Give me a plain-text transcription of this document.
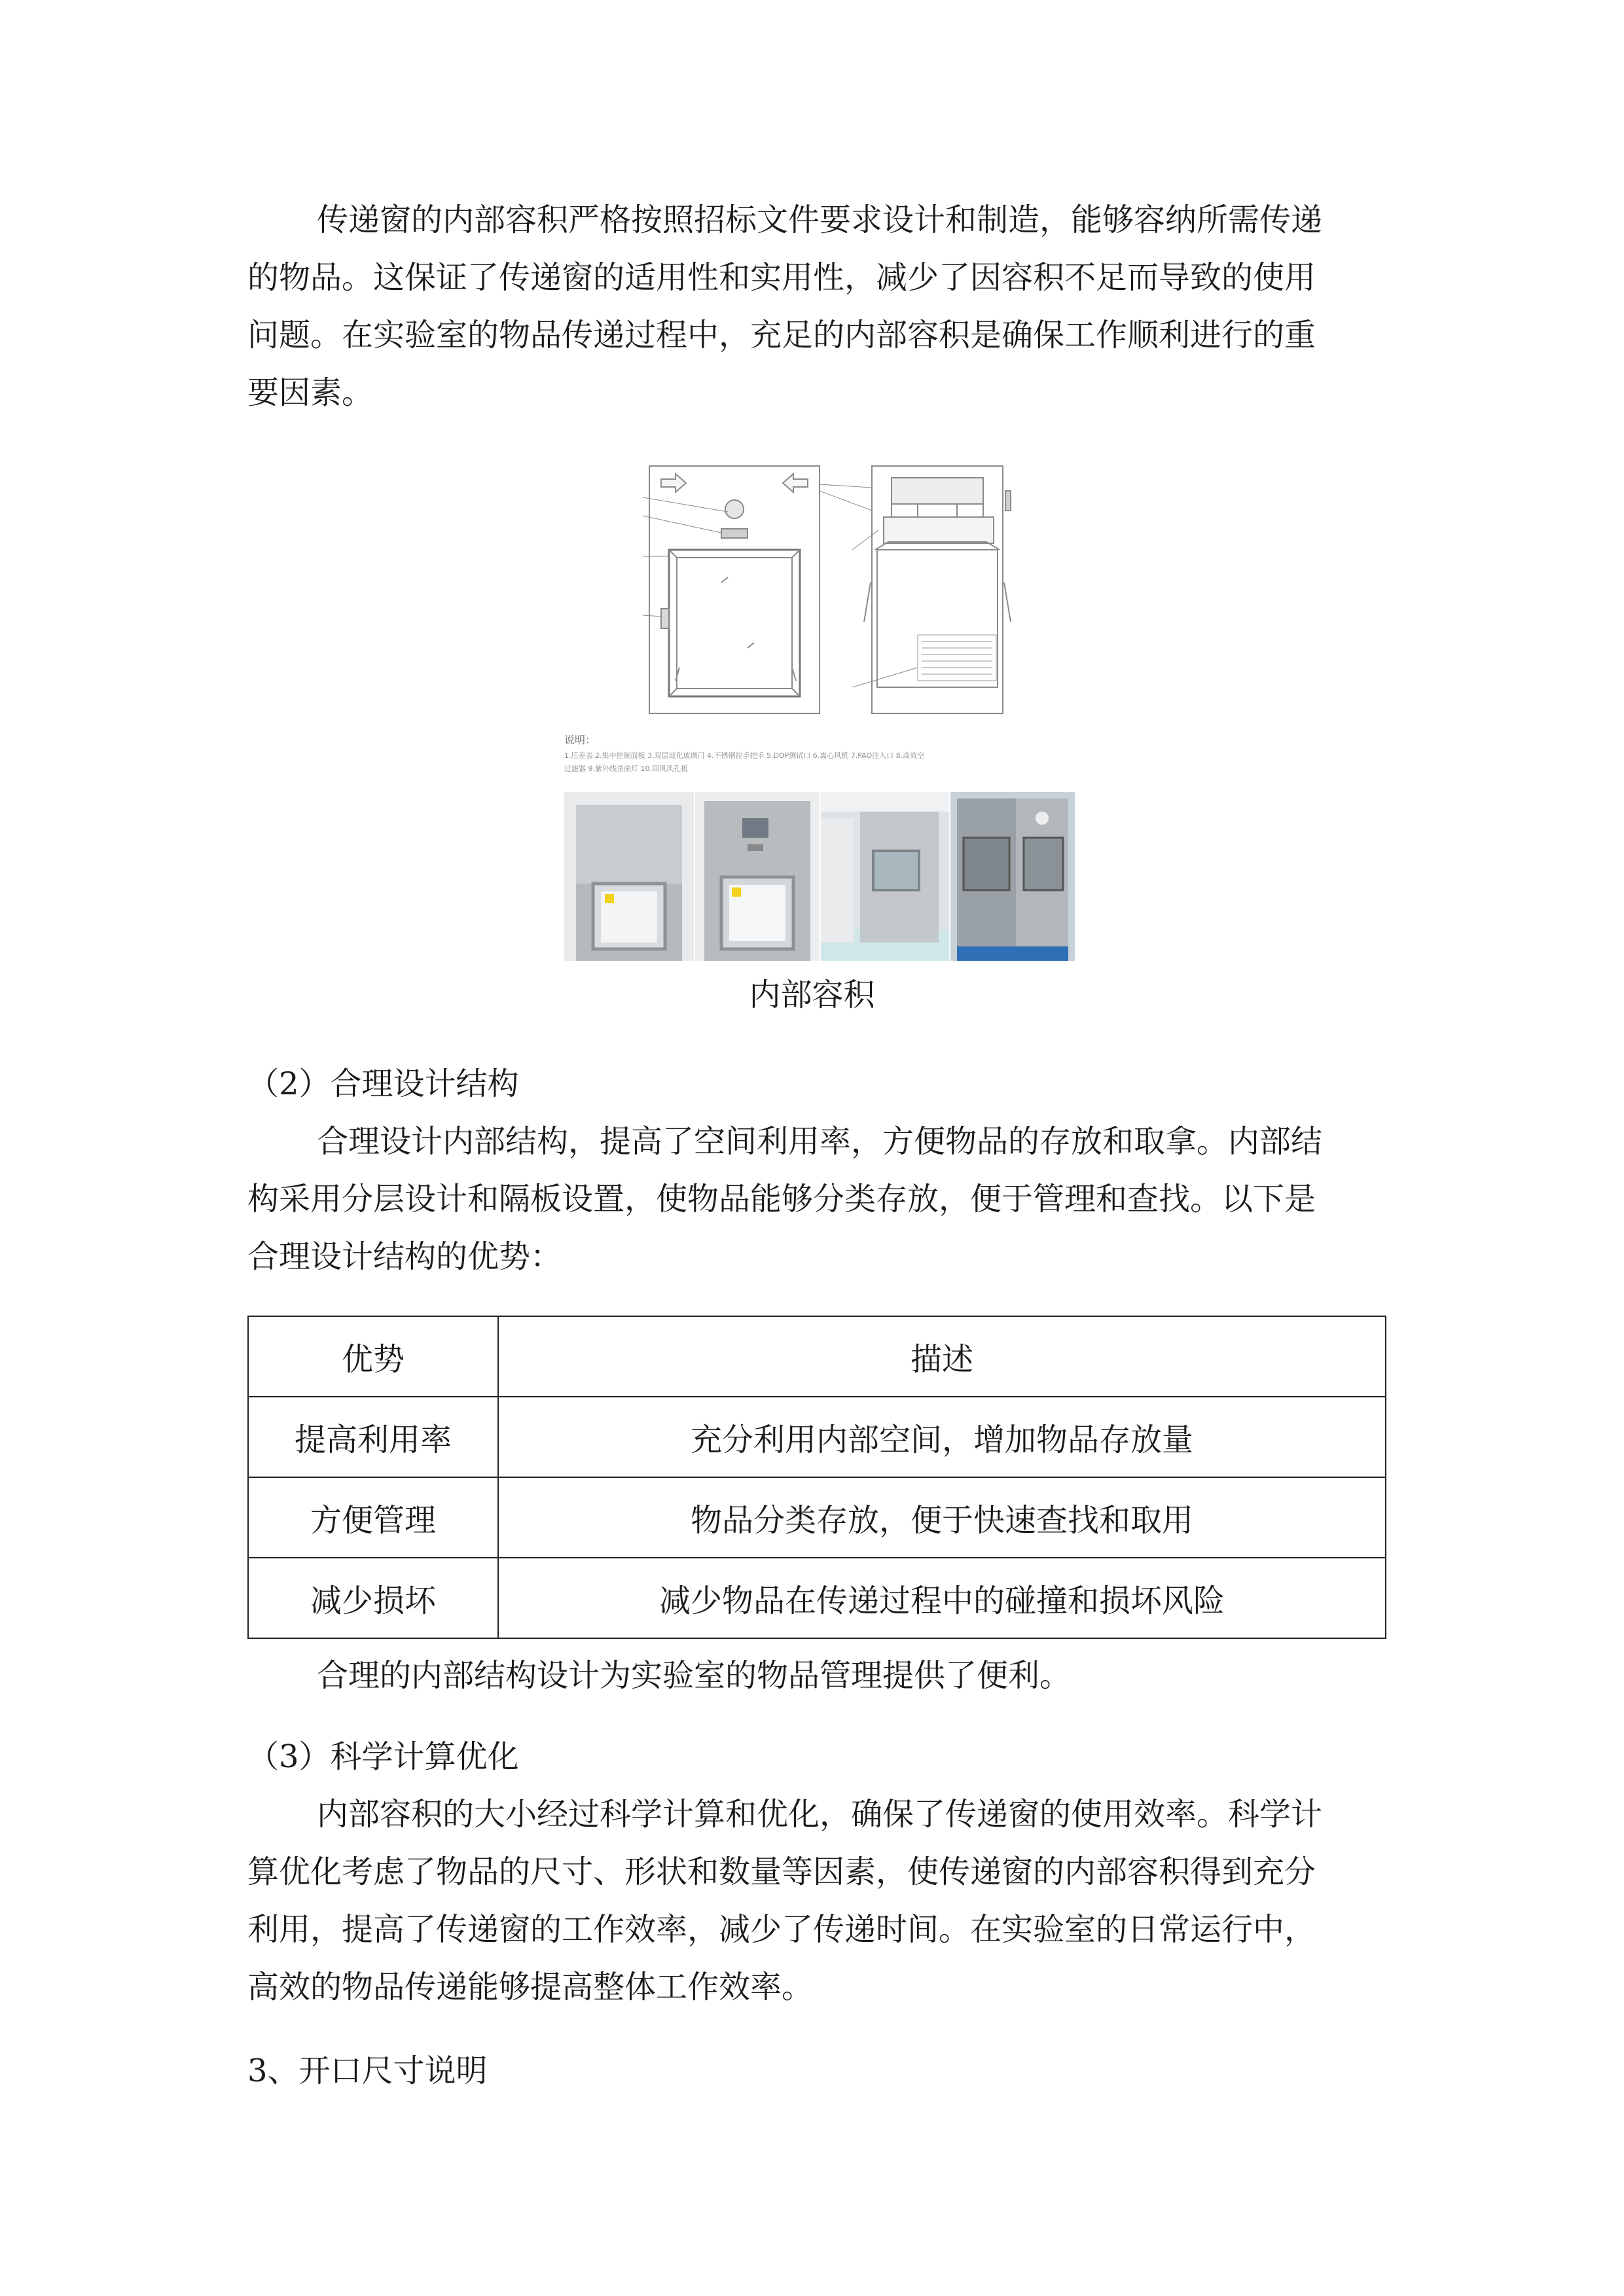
传递窗的内部容积严格按照招标文件要求设计和制造，能够容纳所需传递
的物品。这保证了传递窗的适用性和实用性，减少了因容积不足而导致的使用
问题。在实验室的物品传递过程中，充足的内部容积是确保工作顺利进行的重
要因素。

说明：
1.压差表 2.集中控制面板 3.双层玻化玻璃门 4.不锈钢拉手把手 5.DOP测试口 6.离心风机 7.PAO注入口 8.高效空
过滤器 9.紫外线杀菌灯 10.回风风孔板
内部容积
（2）合理设计结构

合理设计内部结构，提高了空间利用率，方便物品的存放和取拿。内部结
构采用分层设计和隔板设置，使物品能够分类存放，便于管理和查找。以下是
合理设计结构的优势：

优势	描述
提高利用率	充分利用内部空间，增加物品存放量
方便管理	物品分类存放，便于快速查找和取用
减少损坏	减少物品在传递过程中的碰撞和损坏风险

合理的内部结构设计为实验室的物品管理提供了便利。

（3）科学计算优化

内部容积的大小经过科学计算和优化，确保了传递窗的使用效率。科学计
算优化考虑了物品的尺寸、形状和数量等因素，使传递窗的内部容积得到充分
利用，提高了传递窗的工作效率，减少了传递时间。在实验室的日常运行中，
高效的物品传递能够提高整体工作效率。

3、开口尺寸说明
